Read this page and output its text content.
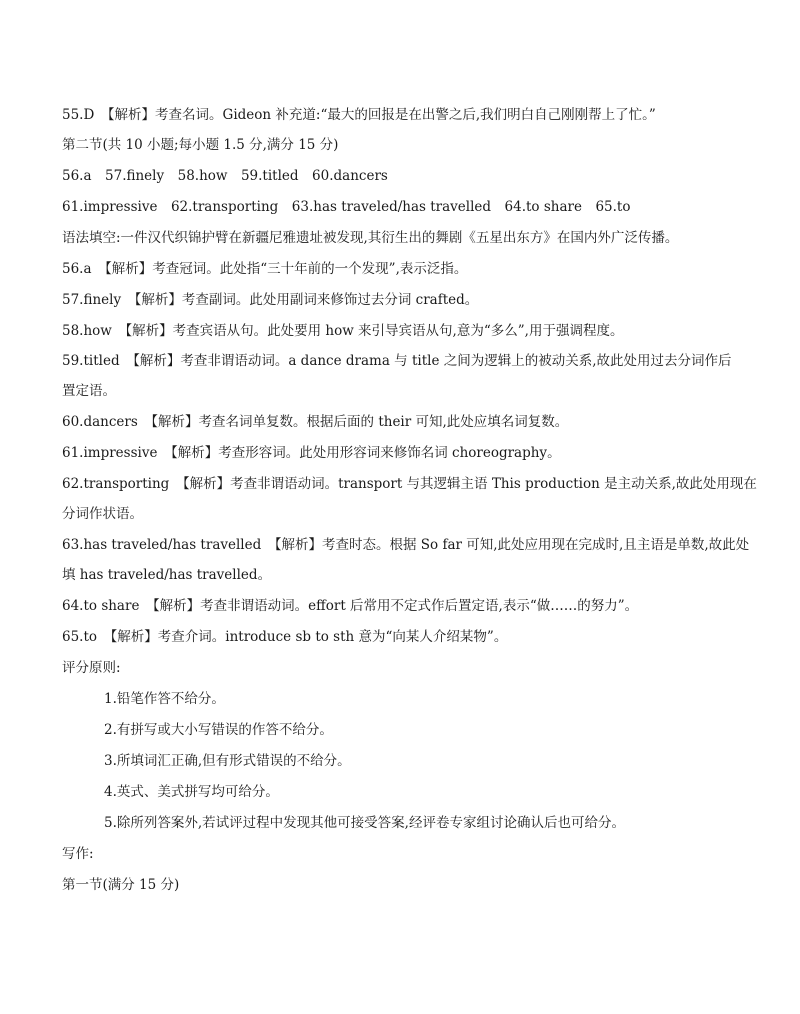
55.D　【解析】考查名词。Gideon 补充道:“最大的回报是在出警之后,我们明白自己刚刚帮上了忙。”
第二节(共 10 小题;每小题 1.5 分,满分 15 分)
56.a　57.finely　58.how　59.titled　60.dancers
61.impressive　62.transporting　63.has traveled/has travelled　64.to share　65.to
语法填空:一件汉代织锦护臂在新疆尼雅遗址被发现,其衍生出的舞剧《五星出东方》在国内外广泛传播。
56.a　【解析】考查冠词。此处指“三十年前的一个发现”,表示泛指。
57.finely　【解析】考查副词。此处用副词来修饰过去分词 crafted。
58.how　【解析】考查宾语从句。此处要用 how 来引导宾语从句,意为“多么”,用于强调程度。
59.titled　【解析】考查非谓语动词。a dance drama 与 title 之间为逻辑上的被动关系,故此处用过去分词作后
置定语。
60.dancers　【解析】考查名词单复数。根据后面的 their 可知,此处应填名词复数。
61.impressive　【解析】考查形容词。此处用形容词来修饰名词 choreography。
62.transporting　【解析】考查非谓语动词。transport 与其逻辑主语 This production 是主动关系,故此处用现在
分词作状语。
63.has traveled/has travelled　【解析】考查时态。根据 So far 可知,此处应用现在完成时,且主语是单数,故此处
填 has traveled/has travelled。
64.to share　【解析】考查非谓语动词。effort 后常用不定式作后置定语,表示“做……的努力”。
65.to　【解析】考查介词。introduce sb to sth 意为“向某人介绍某物”。
评分原则:
1.铅笔作答不给分。
2.有拼写或大小写错误的作答不给分。
3.所填词汇正确,但有形式错误的不给分。
4.英式、美式拼写均可给分。
5.除所列答案外,若试评过程中发现其他可接受答案,经评卷专家组讨论确认后也可给分。
写作:
第一节(满分 15 分)
